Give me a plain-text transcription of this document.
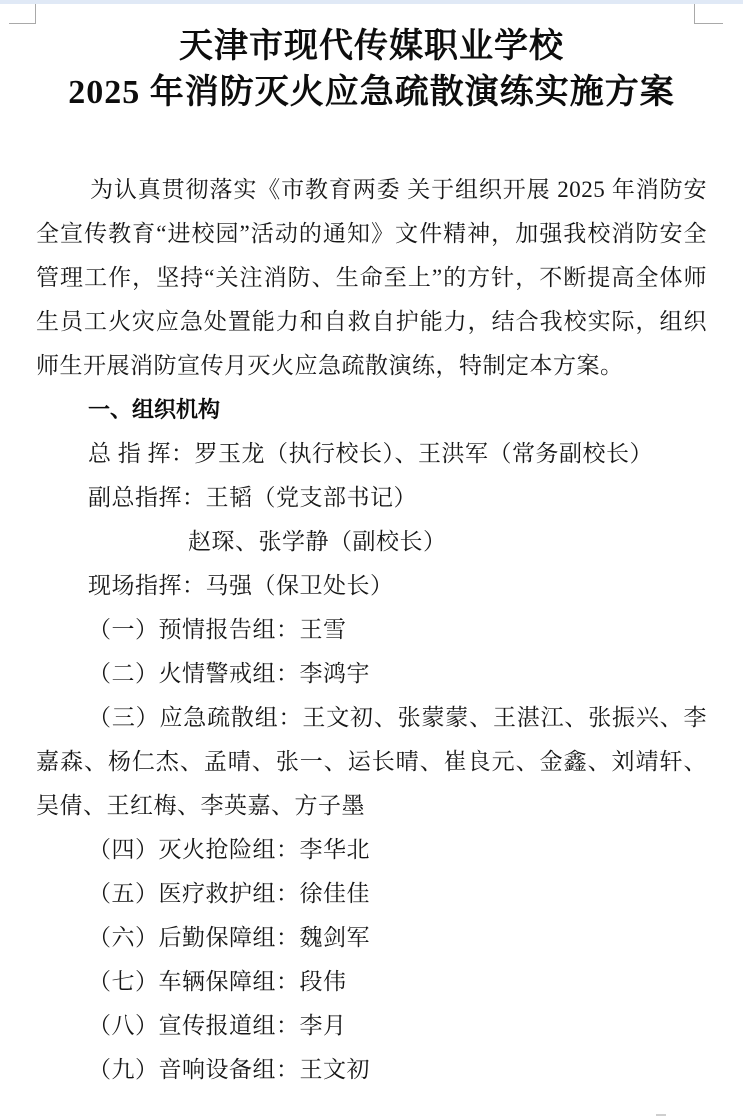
天津市现代传媒职业学校
2025 年消防灭火应急疏散演练实施方案

为认真贯彻落实《市教育两委 关于组织开展 2025 年消防安全宣传教育“进校园”活动的通知》文件精神，加强我校消防安全管理工作，坚持“关注消防、生命至上”的方针，不断提高全体师生员工火灾应急处置能力和自救自护能力，结合我校实际，组织师生开展消防宣传月灭火应急疏散演练，特制定本方案。

一、组织机构

总 指 挥：罗玉龙（执行校长）、王洪军（常务副校长）

副总指挥：王韬（党支部书记）

赵琛、张学静（副校长）

现场指挥：马强（保卫处长）

（一）预情报告组：王雪

（二）火情警戒组：李鸿宇

（三）应急疏散组：王文初、张蒙蒙、王湛江、张振兴、李嘉森、杨仁杰、孟晴、张一、运长晴、崔良元、金鑫、刘靖轩、吴倩、王红梅、李英嘉、方子墨

（四）灭火抢险组：李华北

（五）医疗救护组：徐佳佳

（六）后勤保障组：魏剑军

（七）车辆保障组：段伟

（八）宣传报道组：李月

（九）音响设备组：王文初
